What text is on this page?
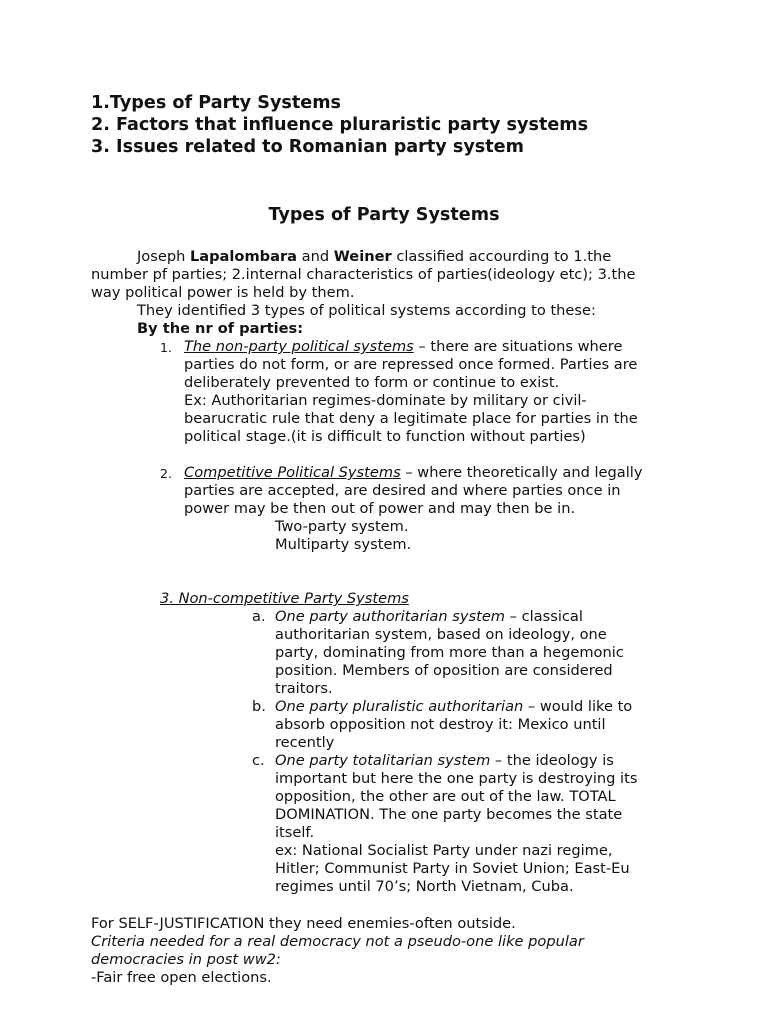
1.Types of Party Systems
2. Factors that influence pluraristic party systems
3. Issues related to Romanian party system
Types of Party Systems
Joseph Lapalombara and Weiner classified accourding to 1.the
number pf parties; 2.internal characteristics of parties(ideology etc); 3.the
way political power is held by them.
They identified 3 types of political systems according to these:
By the nr of parties:
1. The non-party political systems – there are situations where
parties do not form, or are repressed once formed. Parties are
deliberately prevented to form or continue to exist.
Ex: Authoritarian regimes-dominate by military or civil-
bearucratic rule that deny a legitimate place for parties in the
political stage.(it is difficult to function without parties)
2. Competitive Political Systems – where theoretically and legally
parties are accepted, are desired and where parties once in
power may be then out of power and may then be in.
Two-party system.
Multiparty system.
3. Non-competitive Party Systems
a. One party authoritarian system – classical
authoritarian system, based on ideology, one
party, dominating from more than a hegemonic
position. Members of oposition are considered
traitors.
b. One party pluralistic authoritarian – would like to
absorb opposition not destroy it: Mexico until
recently
c. One party totalitarian system – the ideology is
important but here the one party is destroying its
opposition, the other are out of the law. TOTAL
DOMINATION. The one party becomes the state
itself.
ex: National Socialist Party under nazi regime,
Hitler; Communist Party in Soviet Union; East-Eu
regimes until 70’s; North Vietnam, Cuba.
For SELF-JUSTIFICATION they need enemies-often outside.
Criteria needed for a real democracy not a pseudo-one like popular
democracies in post ww2:
-Fair free open elections.
